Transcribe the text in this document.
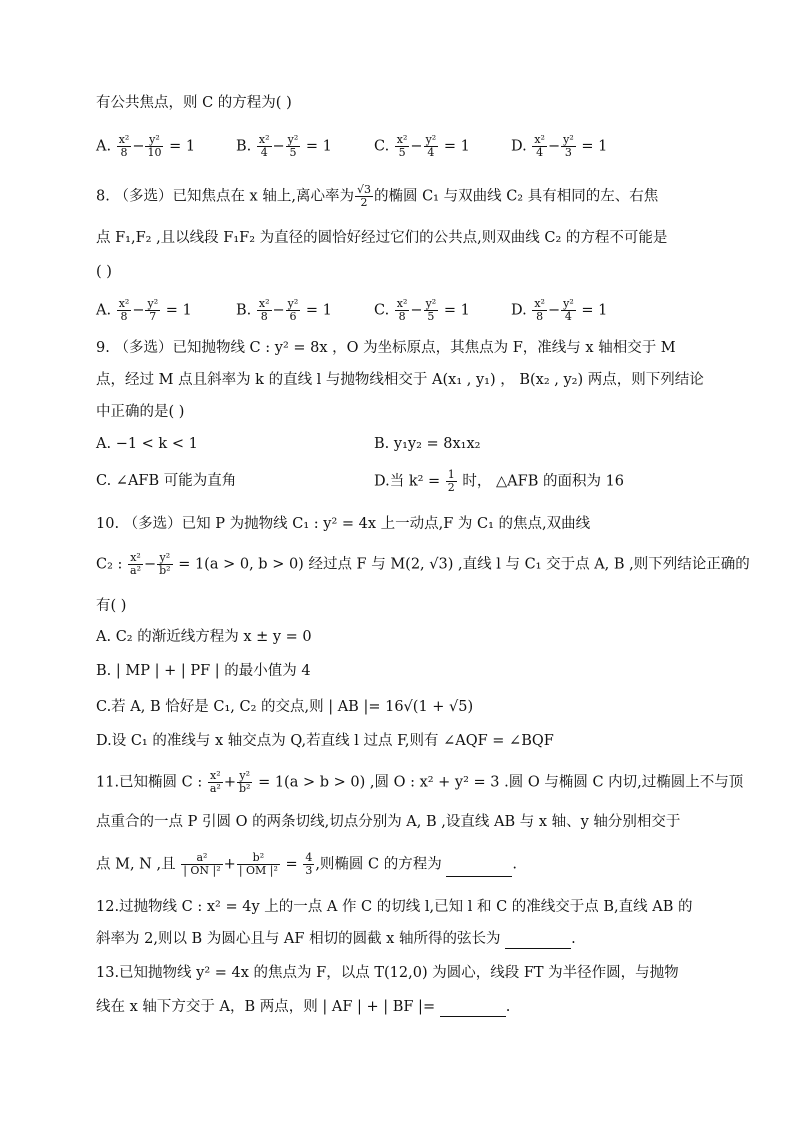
有公共焦点，则 C 的方程为( )
A. $\frac{\text{x²}}{8} - \frac{\text{y²}}{10} = 1$	B. $\frac{\text{x²}}{4} - \frac{\text{y²}}{5} = 1$	C. $\frac{\text{x²}}{5} - \frac{\text{y²}}{4} = 1$	D. $\frac{\text{x²}}{4} - \frac{\text{y²}}{3} = 1$
8. （多选）已知焦点在 x 轴上,离心率为 $\frac{√3}{2}$ 的椭圆 C₁ 与双曲线 C₂ 具有相同的左、右焦
点 F₁,F₂ ,且以线段 F₁F₂ 为直径的圆恰好经过它们的公共点,则双曲线 C₂ 的方程不可能是
( )
A. $\frac{\text{x²}}{8} - \frac{\text{y²}}{7} = 1$	B. $\frac{\text{x²}}{8} - \frac{\text{y²}}{6} = 1$	C. $\frac{\text{x²}}{8} - \frac{\text{y²}}{5} = 1$	D. $\frac{\text{x²}}{8} - \frac{\text{y²}}{4} = 1$
9. （多选）已知抛物线 C : y² = 8x ，O 为坐标原点，其焦点为 F，准线与 x 轴相交于 M
点，经过 M 点且斜率为 k 的直线 l 与抛物线相交于 A(x₁ , y₁) ， B(x₂ , y₂) 两点，则下列结论
中正确的是( )
A. −1 < k < 1	B. y₁y₂ = 8x₁x₂
C. ∠AFB 可能为直角	D.当 $k^2 = \frac{1}{2}$ 时， △AFB 的面积为 16
10. （多选）已知 P 为抛物线 C₁ : y² = 4x 上一动点,F 为 C₁ 的焦点,双曲线
C₂ : $\frac{\text{x²}}{\text{a²}} - \frac{\text{y²}}{\text{b²}} = 1(a > 0$, b > 0) 经过点 F 与 M(2, √3) ,直线 l 与 C₁ 交于点 A, B ,则下列结论正确的
有( )
A. C₂ 的渐近线方程为 x ± y = 0
B. | MP | + | PF | 的最小值为 4
C.若 A, B 恰好是 C₁, C₂ 的交点,则 | AB |= 16√(1 + √5)
D.设 C₁ 的准线与 x 轴交点为 Q,若直线 l 过点 F,则有 ∠AQF = ∠BQF
11.已知椭圆 C : $\frac{\text{x²}}{\text{a²}} + \frac{\text{y²}}{\text{b²}} = 1(a > b > 0)$ ,圆 O : x² + y² = 3 .圆 O 与椭圆 C 内切,过椭圆上不与顶
点重合的一点 P 引圆 O 的两条切线,切点分别为 A, B ,设直线 AB 与 x 轴、y 轴分别相交于
点 M, N ,且 $\frac{\text{a²}}{\text{| ON |²}} + \frac{\text{b²}}{\text{| OM |²}} = \frac{4}{3}$ ,则椭圆 C 的方程为	.
12.过抛物线 C : x² = 4y 上的一点 A 作 C 的切线 l,已知 l 和 C 的准线交于点 B,直线 AB 的
斜率为 2,则以 B 为圆心且与 AF 相切的圆截 x 轴所得的弦长为	.
13.已知抛物线 y² = 4x 的焦点为 F，以点 T(12,0) 为圆心，线段 FT 为半径作圆，与抛物
线在 x 轴下方交于 A，B 两点，则 | AF | + | BF |=	.
